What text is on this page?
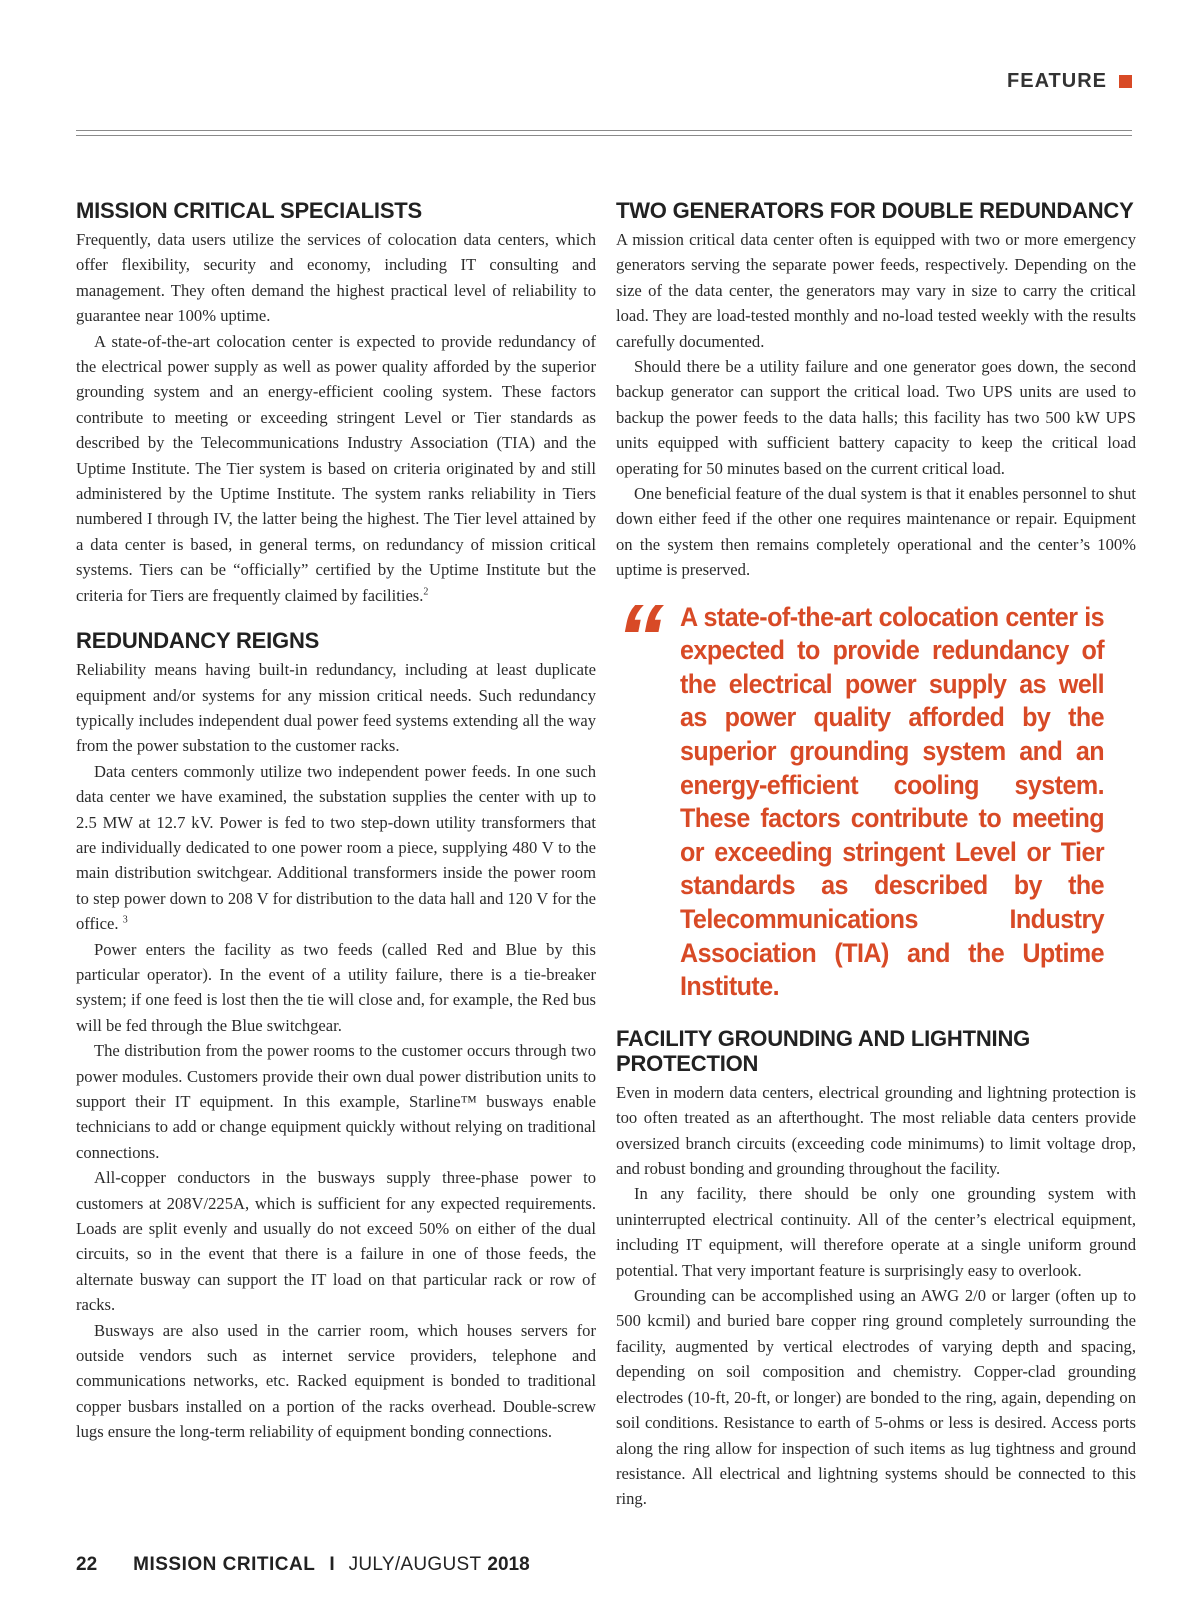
FEATURE
MISSION CRITICAL SPECIALISTS

Frequently, data users utilize the services of colocation data centers, which offer flexibility, security and economy, including IT consulting and management. They often demand the highest practical level of reliability to guarantee near 100% uptime.

A state-of-the-art colocation center is expected to provide redundancy of the electrical power supply as well as power quality afforded by the superior grounding system and an energy-efficient cooling system. These factors contribute to meeting or exceeding stringent Level or Tier standards as described by the Telecommunications Industry Association (TIA) and the Uptime Institute. The Tier system is based on criteria originated by and still administered by the Uptime Institute. The system ranks reliability in Tiers numbered I through IV, the latter being the highest. The Tier level attained by a data center is based, in general terms, on redundancy of mission critical systems. Tiers can be “officially” certified by the Uptime Institute but the criteria for Tiers are frequently claimed by facilities.$^2$

REDUNDANCY REIGNS

Reliability means having built-in redundancy, including at least duplicate equipment and/or systems for any mission critical needs. Such redundancy typically includes independent dual power feed systems extending all the way from the power substation to the customer racks.

Data centers commonly utilize two independent power feeds. In one such data center we have examined, the substation supplies the center with up to 2.5 MW at 12.7 kV. Power is fed to two step-down utility transformers that are individually dedicated to one power room a piece, supplying 480 V to the main distribution switchgear. Additional transformers inside the power room to step power down to 208 V for distribution to the data hall and 120 V for the office. $^3$

Power enters the facility as two feeds (called Red and Blue by this particular operator). In the event of a utility failure, there is a tie-breaker system; if one feed is lost then the tie will close and, for example, the Red bus will be fed through the Blue switchgear.

The distribution from the power rooms to the customer occurs through two power modules. Customers provide their own dual power distribution units to support their IT equipment. In this example, Starline™ busways enable technicians to add or change equipment quickly without relying on traditional connections.

All-copper conductors in the busways supply three-phase power to customers at 208V/225A, which is sufficient for any expected requirements. Loads are split evenly and usually do not exceed 50% on either of the dual circuits, so in the event that there is a failure in one of those feeds, the alternate busway can support the IT load on that particular rack or row of racks.

Busways are also used in the carrier room, which houses servers for outside vendors such as internet service providers, telephone and communications networks, etc. Racked equipment is bonded to traditional copper busbars installed on a portion of the racks overhead. Double-screw lugs ensure the long-term reliability of equipment bonding connections.

TWO GENERATORS FOR DOUBLE REDUNDANCY

A mission critical data center often is equipped with two or more emergency generators serving the separate power feeds, respectively. Depending on the size of the data center, the generators may vary in size to carry the critical load. They are load-tested monthly and no-load tested weekly with the results carefully documented.

Should there be a utility failure and one generator goes down, the second backup generator can support the critical load. Two UPS units are used to backup the power feeds to the data halls; this facility has two 500 kW UPS units equipped with sufficient battery capacity to keep the critical load operating for 50 minutes based on the current critical load.

One beneficial feature of the dual system is that it enables personnel to shut down either feed if the other one requires maintenance or repair. Equipment on the system then remains completely operational and the center’s 100% uptime is preserved.

“ A state-of-the-art colocation center is expected to provide redundancy of the electrical power supply as well as power quality afforded by the superior grounding system and an energy-efficient cooling system. These factors contribute to meeting or exceeding stringent Level or Tier standards as described by the Telecommunications Industry Association (TIA) and the Uptime Institute.
FACILITY GROUNDING AND LIGHTNING PROTECTION

Even in modern data centers, electrical grounding and lightning protection is too often treated as an afterthought. The most reliable data centers provide oversized branch circuits (exceeding code minimums) to limit voltage drop, and robust bonding and grounding throughout the facility.

In any facility, there should be only one grounding system with uninterrupted electrical continuity. All of the center’s electrical equipment, including IT equipment, will therefore operate at a single uniform ground potential. That very important feature is surprisingly easy to overlook.

Grounding can be accomplished using an AWG 2/0 or larger (often up to 500 kcmil) and buried bare copper ring ground completely surrounding the facility, augmented by vertical electrodes of varying depth and spacing, depending on soil composition and chemistry. Copper-clad grounding electrodes (10-ft, 20-ft, or longer) are bonded to the ring, again, depending on soil conditions. Resistance to earth of 5-ohms or less is desired. Access ports along the ring allow for inspection of such items as lug tightness and ground resistance. All electrical and lightning systems should be connected to this ring.

22 MISSION CRITICAL I JULY/AUGUST 2018
